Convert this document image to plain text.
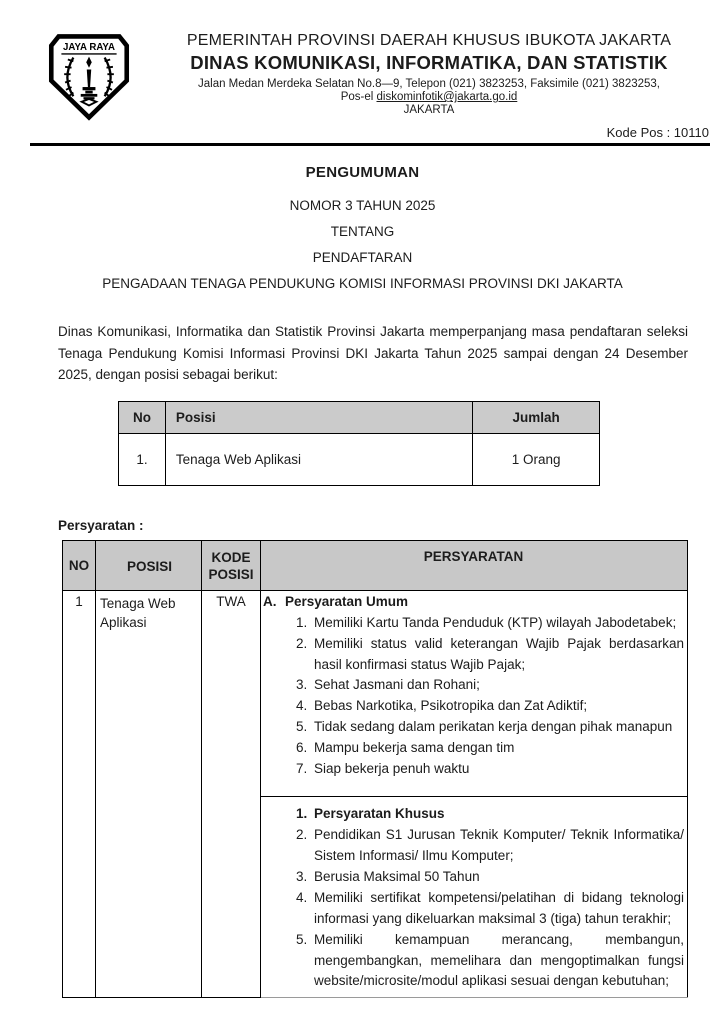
JAYA RAYA	PEMERINTAH PROVINSI DAERAH KHUSUS IBUKOTA JAKARTA
DINAS KOMUNIKASI, INFORMATIKA, DAN STATISTIK
Jalan Medan Merdeka Selatan No.8—9, Telepon (021) 3823253, Faksimile (021) 3823253,
Pos-el diskominfotik@jakarta.go.id
JAKARTA
Kode Pos : 10110
PENGUMUMAN
NOMOR 3 TAHUN 2025
TENTANG
PENDAFTARAN
PENGADAAN TENAGA PENDUKUNG KOMISI INFORMASI PROVINSI DKI JAKARTA

Dinas Komunikasi, Informatika dan Statistik Provinsi Jakarta memperpanjang masa pendaftaran seleksi Tenaga Pendukung Komisi Informasi Provinsi DKI Jakarta Tahun 2025 sampai dengan 24 Desember 2025, dengan posisi sebagai berikut:

No	Posisi	Jumlah
1.	Tenaga Web Aplikasi	1 Orang
Persyaratan :
NO	POSISI	KODE POSISI	PERSYARATAN
1	Tenaga Web Aplikasi	TWA	A. Persyaratan Umum
1. Memiliki Kartu Tanda Penduduk (KTP) wilayah Jabodetabek;
2. Memiliki status valid keterangan Wajib Pajak berdasarkan hasil konfirmasi status Wajib Pajak;
3. Sehat Jasmani dan Rohani;
4. Bebas Narkotika, Psikotropika dan Zat Adiktif;
5. Tidak sedang dalam perikatan kerja dengan pihak manapun
6. Mampu bekerja sama dengan tim
7. Siap bekerja penuh waktu

1. Persyaratan Khusus
2. Pendidikan S1 Jurusan Teknik Komputer/ Teknik Informatika/ Sistem Informasi/ Ilmu Komputer;
3. Berusia Maksimal 50 Tahun
4. Memiliki sertifikat kompetensi/pelatihan di bidang teknologi informasi yang dikeluarkan maksimal 3 (tiga) tahun terakhir;
5. Memiliki kemampuan merancang, membangun, mengembangkan, memelihara dan mengoptimalkan fungsi website/microsite/modul aplikasi sesuai dengan kebutuhan;
